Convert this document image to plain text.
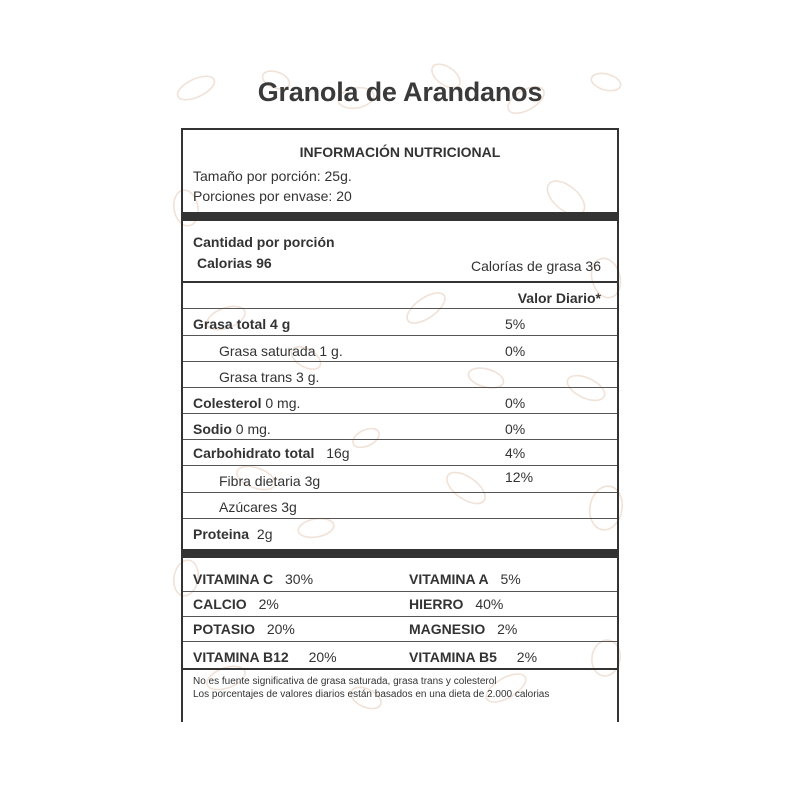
Granola de Arandanos
INFORMACIÓN NUTRICIONAL
Tamaño por porción: 25g.
Porciones por envase: 20
Cantidad por porción
Calorias 96	Calorías de grasa 36
Valor Diario*
Grasa total 4 g	5%
Grasa saturada 1 g.	0%
Grasa trans 3 g.
Colesterol 0 mg.	0%
Sodio 0 mg.	0%
Carbohidrato total 16g	4%
Fibra dietaria 3g	12%
Azúcares 3g
Proteina 2g
VITAMINA C 30%	VITAMINA A 5%
CALCIO 2%	HIERRO 40%
POTASIO 20%	MAGNESIO 2%
VITAMINA B12 20%	VITAMINA B5 2%
No es fuente significativa de grasa saturada, grasa trans y colesterol
Los porcentajes de valores diarios están basados en una dieta de 2.000 calorias
